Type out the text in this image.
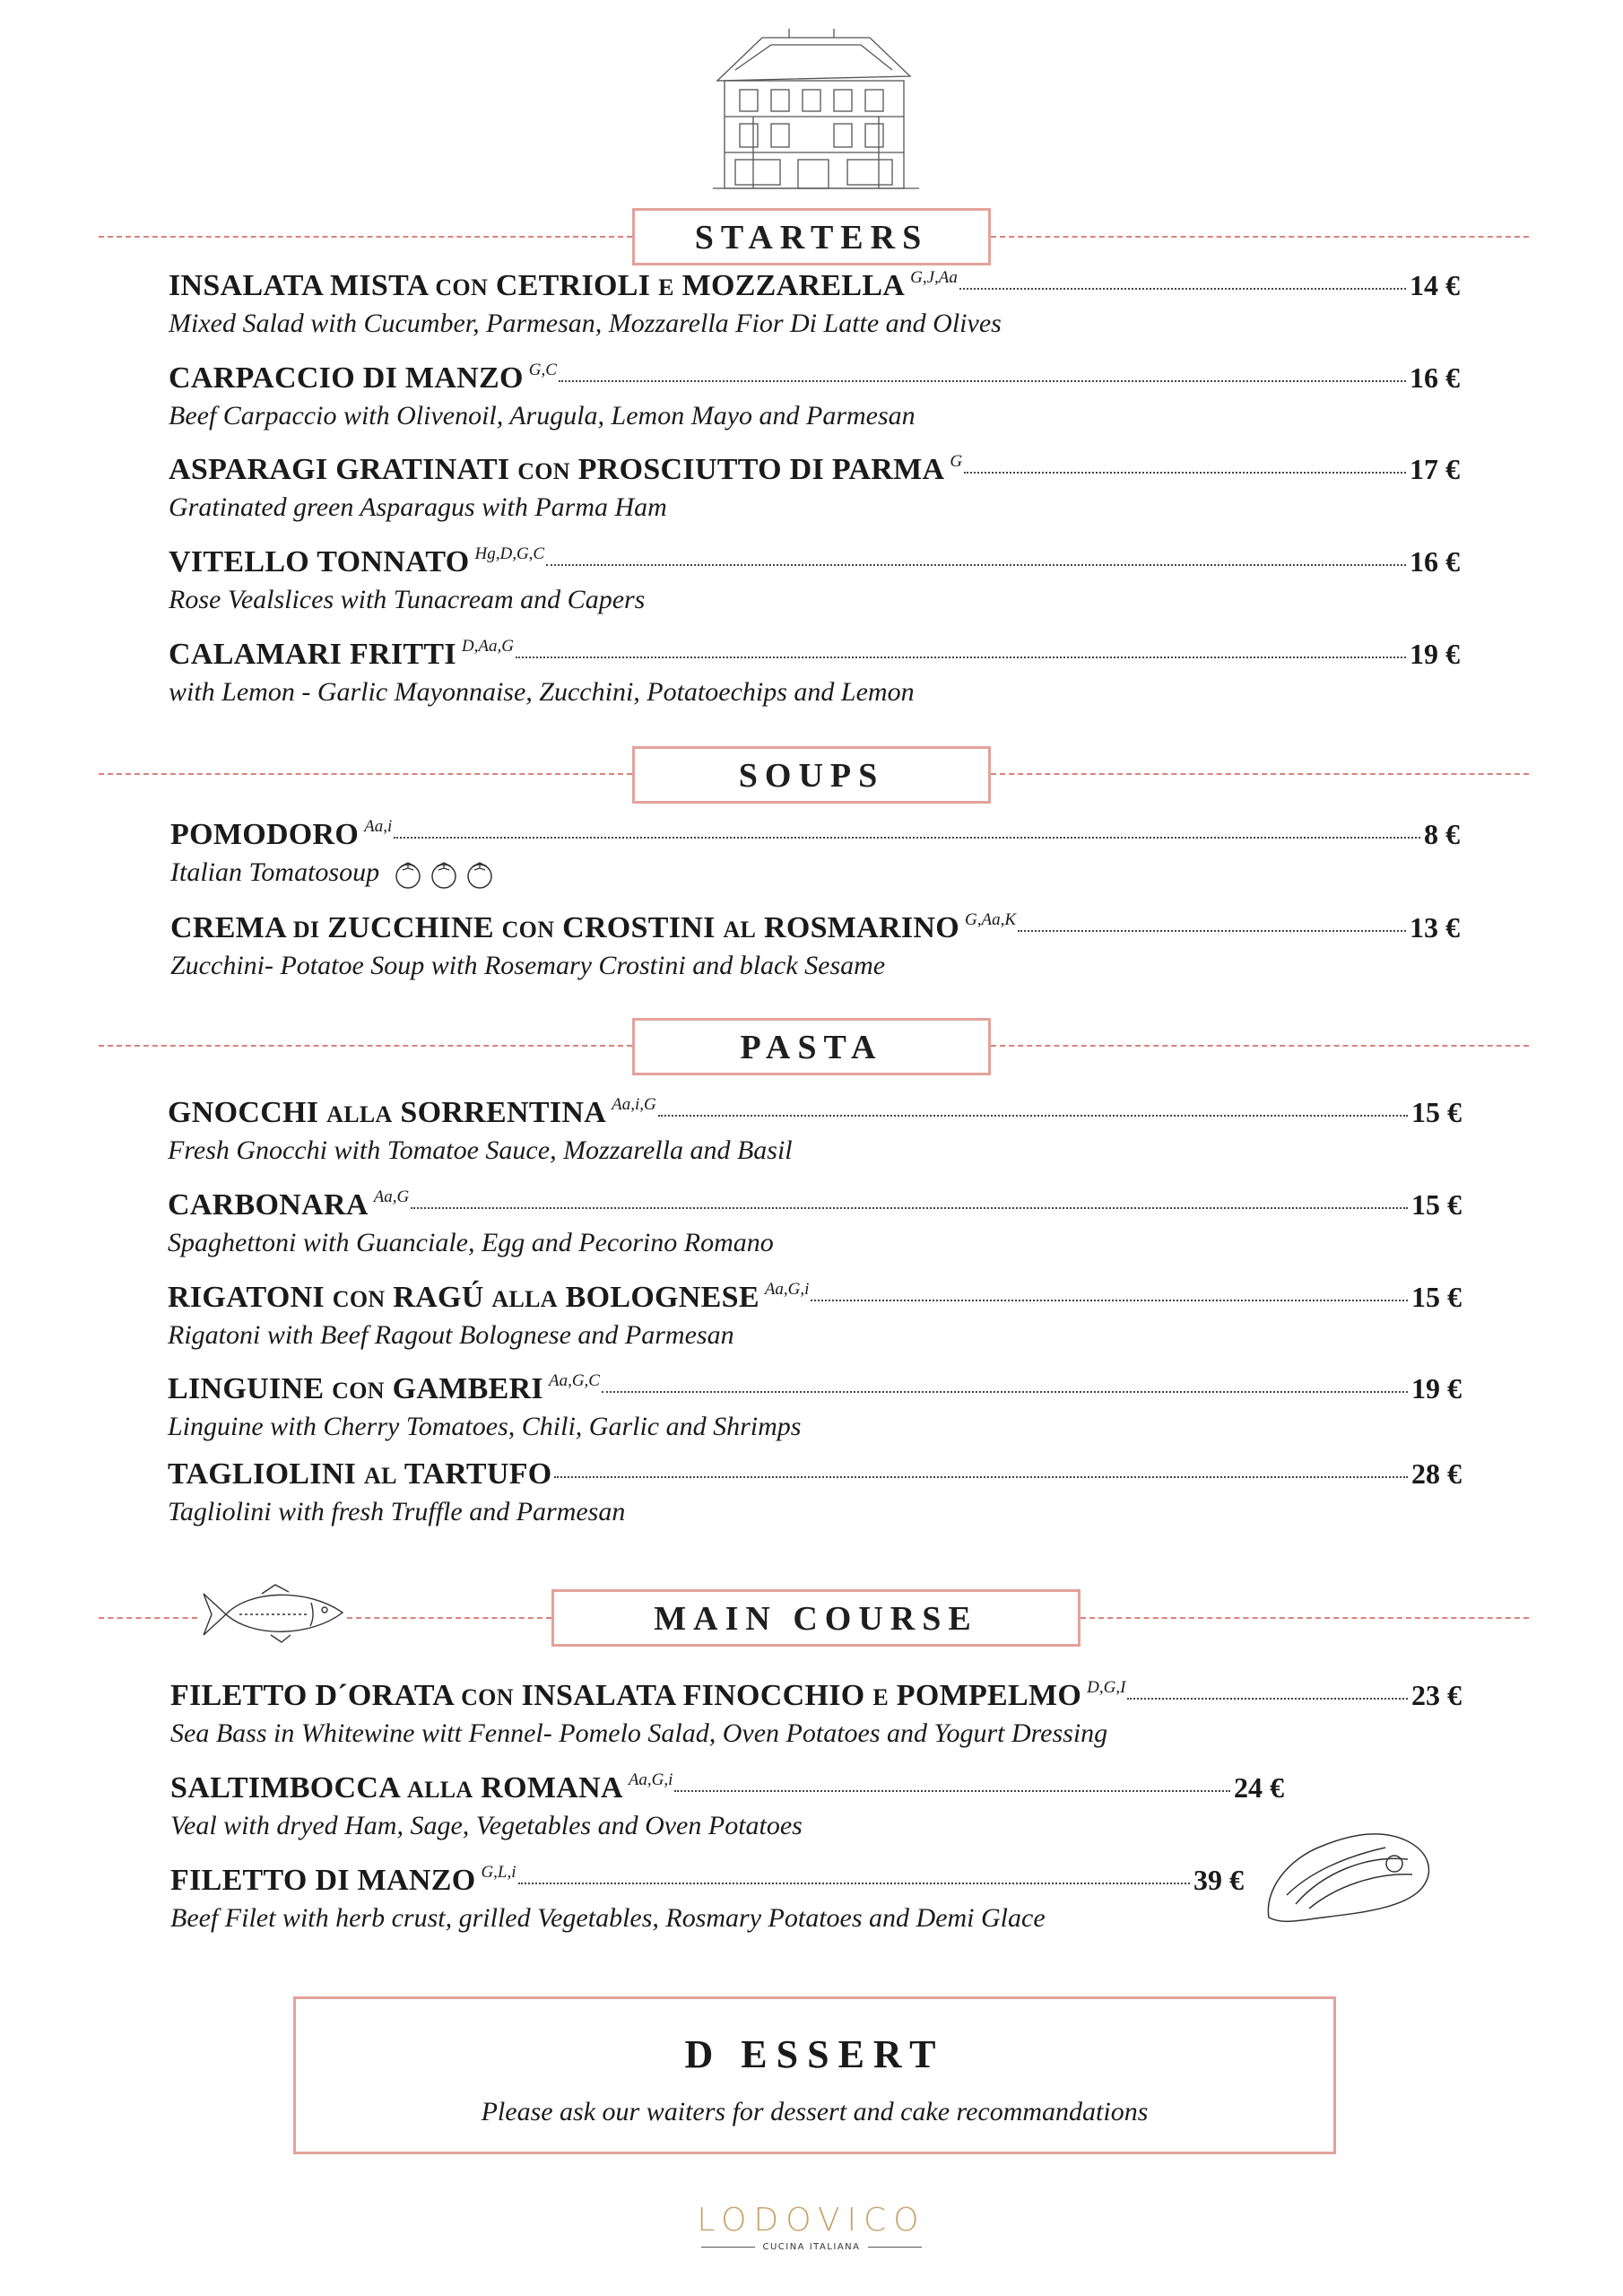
STARTERS
INSALATA MISTA CON CETRIOLI E MOZZARELLA G,J,Aa	14 €
Mixed Salad with Cucumber, Parmesan, Mozzarella Fior Di Latte and Olives
CARPACCIO DI MANZO G,C	16 €
Beef Carpaccio with Olivenoil, Arugula, Lemon Mayo and Parmesan
ASPARAGI GRATINATI CON PROSCIUTTO DI PARMA G	17 €
Gratinated green Asparagus with Parma Ham
VITELLO TONNATO Hg,D,G,C	16 €
Rose Vealslices with Tunacream and Capers
CALAMARI FRITTI D,Aa,G	19 €
with Lemon - Garlic Mayonnaise, Zucchini, Potatoechips and Lemon
SOUPS
POMODORO Aa,i	8 €
Italian Tomatosoup
CREMA DI ZUCCHINE CON CROSTINI AL ROSMARINO G,Aa,K	13 €
Zucchini- Potatoe Soup with Rosemary Crostini and black Sesame
PASTA
GNOCCHI ALLA SORRENTINA Aa,i,G	15 €
Fresh Gnocchi with Tomatoe Sauce, Mozzarella and Basil
CARBONARA Aa,G	15 €
Spaghettoni with Guanciale, Egg and Pecorino Romano
RIGATONI CON RAGÚ ALLA BOLOGNESE Aa,G,i	15 €
Rigatoni with Beef Ragout Bolognese and Parmesan
LINGUINE CON GAMBERI Aa,G,C	19 €
Linguine with Cherry Tomatoes, Chili, Garlic and Shrimps
TAGLIOLINI AL TARTUFO	28 €
Tagliolini with fresh Truffle and Parmesan
MAIN COURSE
FILETTO D´ORATA CON INSALATA FINOCCHIO E POMPELMO D,G,I	23 €
Sea Bass in Whitewine witt Fennel- Pomelo Salad, Oven Potatoes and Yogurt Dressing
SALTIMBOCCA ALLA ROMANA Aa,G,i	24 €
Veal with dryed Ham, Sage, Vegetables and Oven Potatoes
FILETTO DI MANZO G,L,i	39 €
Beef Filet with herb crust, grilled Vegetables, Rosmary Potatoes and Demi Glace
D ESSERT
Please ask our waiters for dessert and cake recommandations
LODOVICO
CUCINA ITALIANA
